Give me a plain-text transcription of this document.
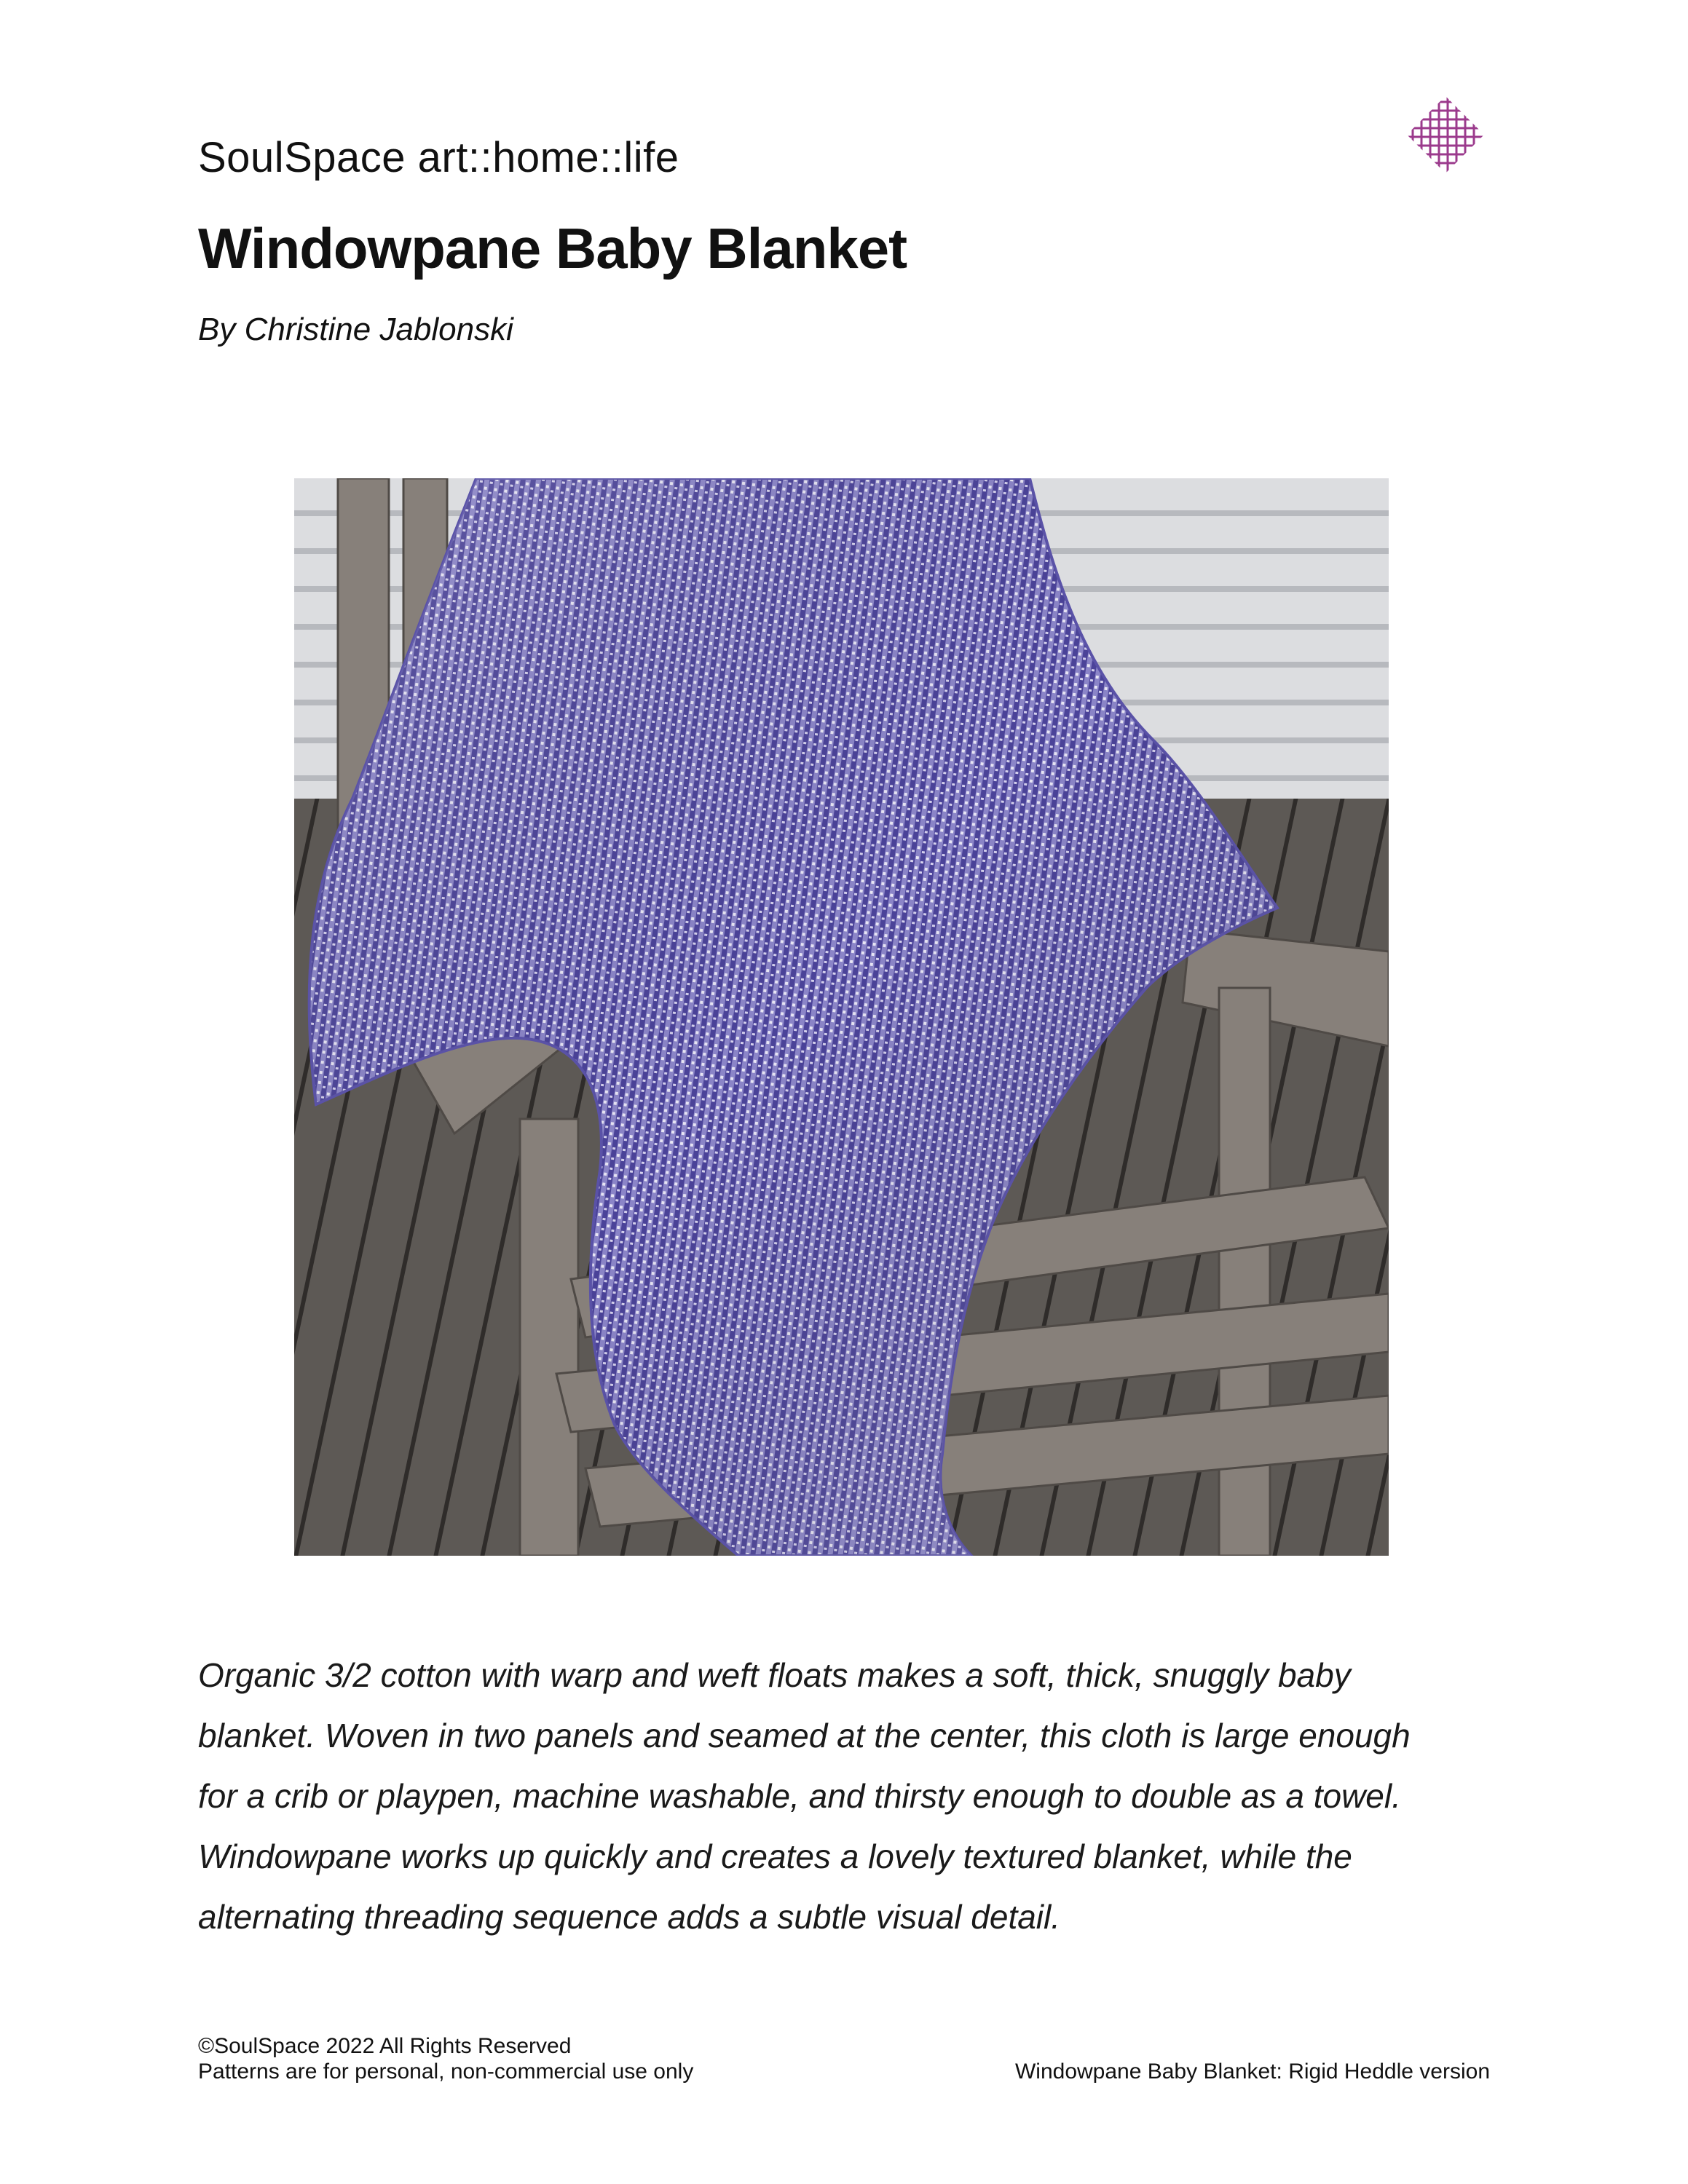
SoulSpace art::home::life
Windowpane Baby Blanket
By Christine Jablonski
Organic 3/2 cotton with warp and weft floats makes a soft, thick, snuggly baby
blanket. Woven in two panels and seamed at the center, this cloth is large enough
for a crib or playpen, machine washable, and thirsty enough to double as a towel.
Windowpane works up quickly and creates a lovely textured blanket, while the
alternating threading sequence adds a subtle visual detail.
©SoulSpace 2022 All Rights Reserved
Patterns are for personal, non-commercial use only	Windowpane Baby Blanket: Rigid Heddle version
